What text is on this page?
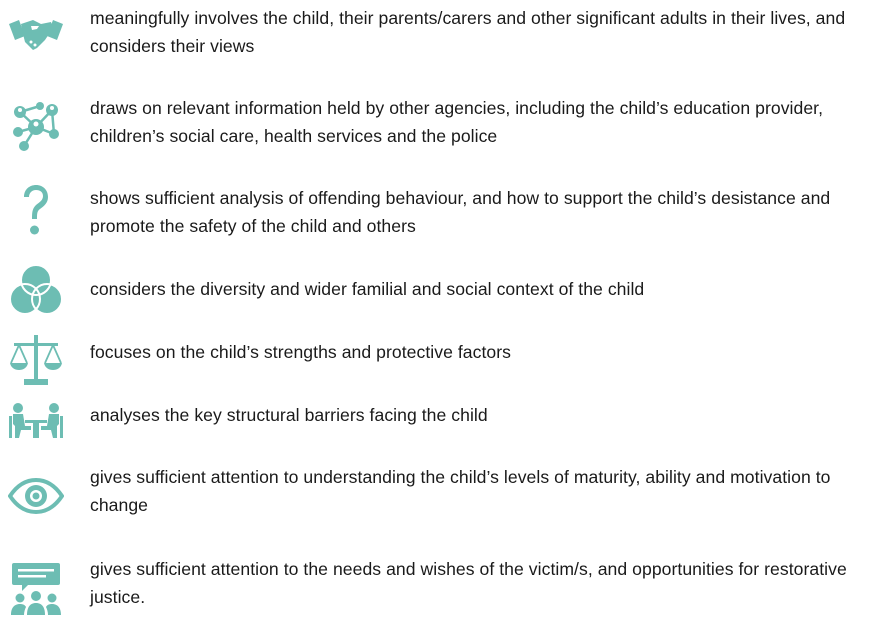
meaningfully involves the child, their parents/carers and other significant adults in their lives, and considers their views
draws on relevant information held by other agencies, including the child’s education provider, children’s social care, health services and the police
shows sufficient analysis of offending behaviour, and how to support the child’s desistance and promote the safety of the child and others
considers the diversity and wider familial and social context of the child
focuses on the child’s strengths and protective factors
analyses the key structural barriers facing the child
gives sufficient attention to understanding the child’s levels of maturity, ability and motivation to change
gives sufficient attention to the needs and wishes of the victim/s, and opportunities for restorative justice.
